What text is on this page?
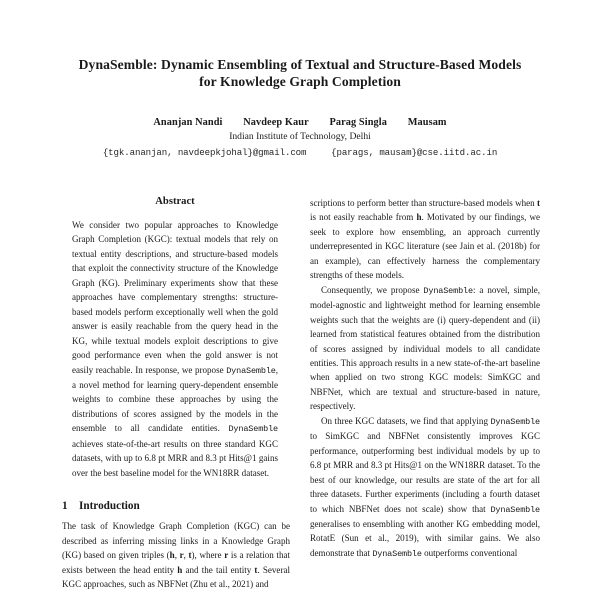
DynaSemble: Dynamic Ensembling of Textual and Structure-Based Models
for Knowledge Graph Completion
Ananjan Nandi Navdeep Kaur Parag Singla Mausam
Indian Institute of Technology, Delhi
{tgk.ananjan, navdeepkjohal}@gmail.com	{parags, mausam}@cse.iitd.ac.in
Abstract

We consider two popular approaches to Knowledge Graph Completion (KGC): textual models that rely on textual entity descriptions, and structure-based models that exploit the connectivity structure of the Knowledge Graph (KG). Preliminary experiments show that these approaches have complementary strengths: structure-based models perform exceptionally well when the gold answer is easily reachable from the query head in the KG, while textual models exploit descriptions to give good performance even when the gold answer is not easily reachable. In response, we propose DynaSemble, a novel method for learning query-dependent ensemble weights to combine these approaches by using the distributions of scores assigned by the models in the ensemble to all candidate entities. DynaSemble achieves state-of-the-art results on three standard KGC datasets, with up to 6.8 pt MRR and 8.3 pt Hits@1 gains over the best baseline model for the WN18RR dataset.

1 Introduction

The task of Knowledge Graph Completion (KGC) can be described as inferring missing links in a Knowledge Graph (KG) based on given triples (h, r, t), where r is a relation that exists between the head entity h and the tail entity t. Several KGC approaches, such as NBFNet (Zhu et al., 2021) and

scriptions to perform better than structure-based models when t is not easily reachable from h. Motivated by our findings, we seek to explore how ensembling, an approach currently underrepresented in KGC literature (see Jain et al. (2018b) for an example), can effectively harness the complementary strengths of these models.

Consequently, we propose DynaSemble: a novel, simple, model-agnostic and lightweight method for learning ensemble weights such that the weights are (i) query-dependent and (ii) learned from statistical features obtained from the distribution of scores assigned by individual models to all candidate entities. This approach results in a new state-of-the-art baseline when applied on two strong KGC models: SimKGC and NBFNet, which are textual and structure-based in nature, respectively.

On three KGC datasets, we find that applying DynaSemble to SimKGC and NBFNet consistently improves KGC performance, outperforming best individual models by up to 6.8 pt MRR and 8.3 pt Hits@1 on the WN18RR dataset. To the best of our knowledge, our results are state of the art for all three datasets. Further experiments (including a fourth dataset to which NBFNet does not scale) show that DynaSemble generalises to ensembling with another KG embedding model, RotatE (Sun et al., 2019), with similar gains. We also demonstrate that DynaSemble outperforms conventional
